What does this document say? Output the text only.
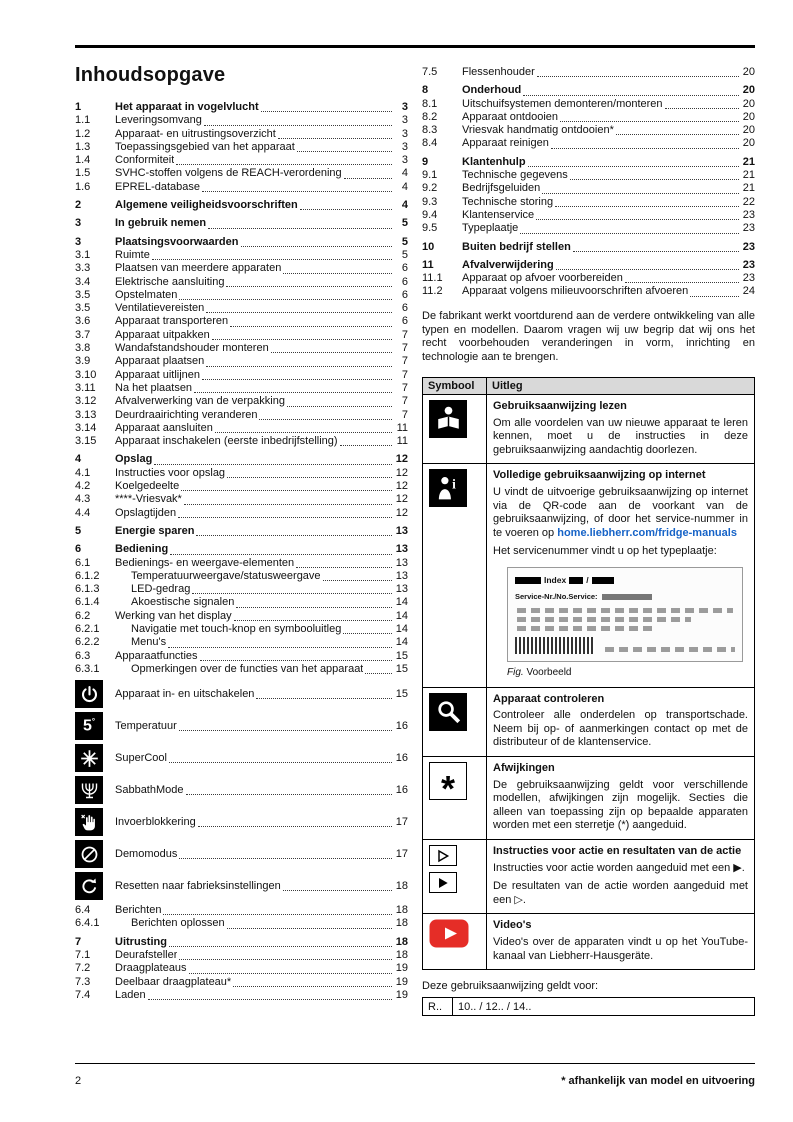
Inhoudsopgave
1	Het apparaat in vogelvlucht	3
1.1	Leveringsomvang	3
1.2	Apparaat- en uitrustingsoverzicht	3
1.3	Toepassingsgebied van het apparaat	3
1.4	Conformiteit	3
1.5	SVHC-stoffen volgens de REACH-verordening	4
1.6	EPREL-database	4
2	Algemene veiligheidsvoorschriften	4
3	In gebruik nemen	5
3	Plaatsingsvoorwaarden	5
3.1	Ruimte	5
3.3	Plaatsen van meerdere apparaten	6
3.4	Elektrische aansluiting	6
3.5	Opstelmaten	6
3.5	Ventilatievereisten	6
3.6	Apparaat transporteren	6
3.7	Apparaat uitpakken	7
3.8	Wandafstandshouder monteren	7
3.9	Apparaat plaatsen	7
3.10	Apparaat uitlijnen	7
3.11	Na het plaatsen	7
3.12	Afvalverwerking van de verpakking	7
3.13	Deurdraairichting veranderen	7
3.14	Apparaat aansluiten	11
3.15	Apparaat inschakelen (eerste inbedrijfstelling)	11
4	Opslag	12
4.1	Instructies voor opslag	12
4.2	Koelgedeelte	12
4.3	****-Vriesvak*	12
4.4	Opslagtijden	12
5	Energie sparen	13
6	Bediening	13
6.1	Bedienings- en weergave-elementen	13
6.1.2	Temperatuurweergave/statusweergave	13
6.1.3	LED-gedrag	13
6.1.4	Akoestische signalen	14
6.2	Werking van het display	14
6.2.1	Navigatie met touch-knop en symbooluitleg	14
6.2.2	Menu's	14
6.3	Apparaatfuncties	15
6.3.1	Opmerkingen over de functies van het apparaat	15
Apparaat in- en uitschakelen	15
5° Temperatuur	16
SuperCool	16
SabbathMode	16
Invoerblokkering	17
Demomodus	17
Resetten naar fabrieksinstellingen	18
6.4	Berichten	18
6.4.1	Berichten oplossen	18
7	Uitrusting	18
7.1	Deurafsteller	18
7.2	Draagplateaus	19
7.3	Deelbaar draagplateau*	19
7.4	Laden	19
7.5	Flessenhouder	20
8	Onderhoud	20
8.1	Uitschuifsystemen demonteren/monteren	20
8.2	Apparaat ontdooien	20
8.3	Vriesvak handmatig ontdooien*	20
8.4	Apparaat reinigen	20
9	Klantenhulp	21
9.1	Technische gegevens	21
9.2	Bedrijfsgeluiden	21
9.3	Technische storing	22
9.4	Klantenservice	23
9.5	Typeplaatje	23
10	Buiten bedrijf stellen	23
11	Afvalverwijdering	23
11.1	Apparaat op afvoer voorbereiden	23
11.2	Apparaat volgens milieuvoorschriften afvoeren	24

De fabrikant werkt voortdurend aan de verdere ontwikkeling van alle typen en modellen. Daarom vragen wij uw begrip dat wij ons het recht voorbehouden veranderingen in vorm, inrichting en technologie aan te brengen.

Symbool	Uitleg

Gebruiksaanwijzing lezen

Om alle voordelen van uw nieuwe apparaat te leren kennen, moet u de instructies in deze gebruiksaanwijzing aandachtig doorlezen.

i

Volledige gebruiksaanwijzing op internet

U vindt de uitvoerige gebruiksaanwijzing op internet via de QR-code aan de voorkant van de gebruiksaanwijzing, of door het service-nummer in te voeren op home.liebherr.com/fridge-manuals

Het servicenummer vindt u op het typeplaatje:

Index /
Service-Nr./No.Service:
Fig. Voorbeeld

Apparaat controleren

Controleer alle onderdelen op transportschade. Neem bij op- of aanmerkingen contact op met de distributeur of de klantenservice.

*	Afwijkingen

De gebruiksaanwijzing geldt voor verschillende modellen, afwijkingen zijn mogelijk. Secties die alleen van toepassing zijn op bepaalde apparaten worden met een sterretje (*) aangeduid.

Instructies voor actie en resultaten van de actie

Instructies voor actie worden aangeduid met een ▶.

De resultaten van de actie worden aangeduid met een ▷.

Video's

Video's over de apparaten vindt u op het YouTube-kanaal van Liebherr-Hausgeräte.

Deze gebruiksaanwijzing geldt voor:
R..	10.. / 12.. / 14..
2	* afhankelijk van model en uitvoering
